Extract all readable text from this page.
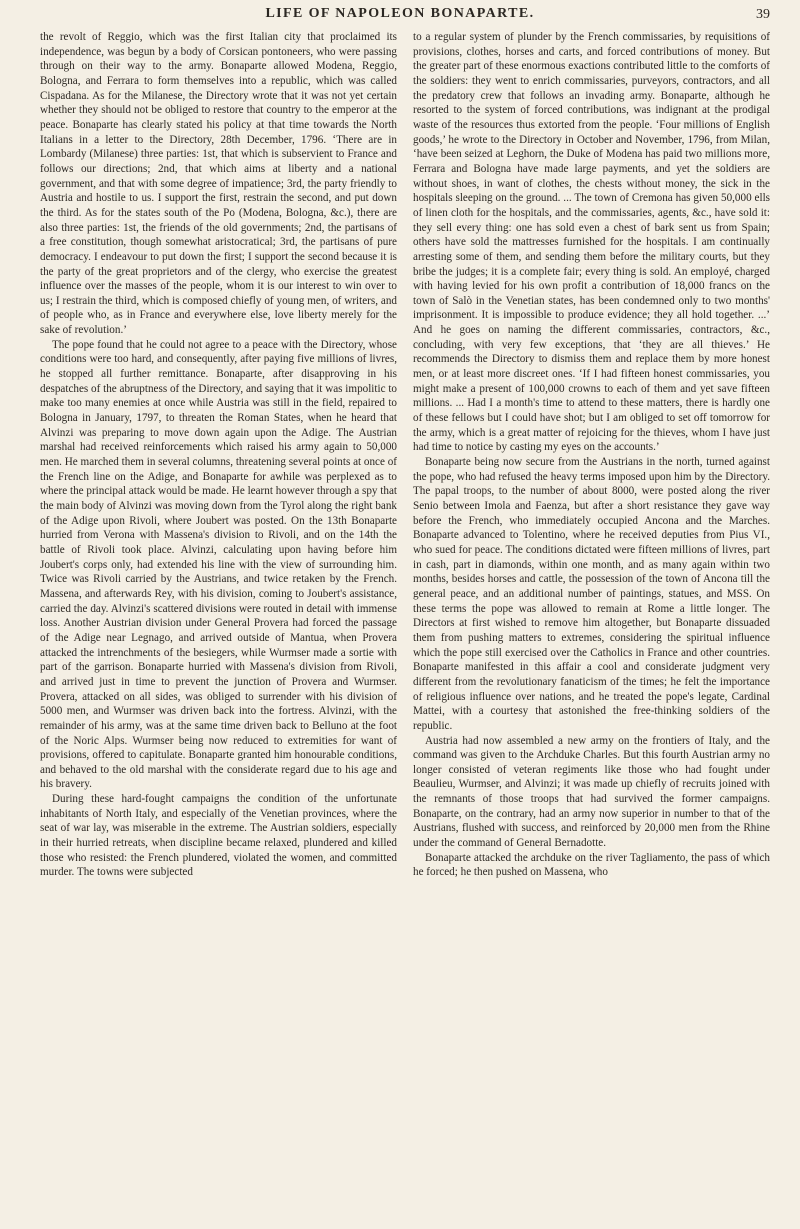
LIFE OF NAPOLEON BONAPARTE.	39

the revolt of Reggio, which was the first Italian city that proclaimed its independence, was begun by a body of Corsican pontoneers, who were passing through on their way to the army. Bonaparte allowed Modena, Reggio, Bologna, and Ferrara to form themselves into a republic, which was called Cispadana. As for the Milanese, the Directory wrote that it was not yet certain whether they should not be obliged to restore that country to the emperor at the peace. Bonaparte has clearly stated his policy at that time towards the North Italians in a letter to the Directory, 28th December, 1796. ‘There are in Lombardy (Milanese) three parties: 1st, that which is subservient to France and follows our directions; 2nd, that which aims at liberty and a national government, and that with some degree of impatience; 3rd, the party friendly to Austria and hostile to us. I support the first, restrain the second, and put down the third. As for the states south of the Po (Modena, Bologna, &c.), there are also three parties: 1st, the friends of the old governments; 2nd, the partisans of a free constitution, though somewhat aristocratical; 3rd, the partisans of pure democracy. I endeavour to put down the first; I support the second because it is the party of the great proprietors and of the clergy, who exercise the greatest influence over the masses of the people, whom it is our interest to win over to us; I restrain the third, which is composed chiefly of young men, of writers, and of people who, as in France and everywhere else, love liberty merely for the sake of revolution.’

The pope found that he could not agree to a peace with the Directory, whose conditions were too hard, and consequently, after paying five millions of livres, he stopped all further remittance. Bonaparte, after disapproving in his despatches of the abruptness of the Directory, and saying that it was impolitic to make too many enemies at once while Austria was still in the field, repaired to Bologna in January, 1797, to threaten the Roman States, when he heard that Alvinzi was preparing to move down again upon the Adige. The Austrian marshal had received reinforcements which raised his army again to 50,000 men. He marched them in several columns, threatening several points at once of the French line on the Adige, and Bonaparte for awhile was perplexed as to where the principal attack would be made. He learnt however through a spy that the main body of Alvinzi was moving down from the Tyrol along the right bank of the Adige upon Rivoli, where Joubert was posted. On the 13th Bonaparte hurried from Verona with Massena's division to Rivoli, and on the 14th the battle of Rivoli took place. Alvinzi, calculating upon having before him Joubert's corps only, had extended his line with the view of surrounding him. Twice was Rivoli carried by the Austrians, and twice retaken by the French. Massena, and afterwards Rey, with his division, coming to Joubert's assistance, carried the day. Alvinzi's scattered divisions were routed in detail with immense loss. Another Austrian division under General Provera had forced the passage of the Adige near Legnago, and arrived outside of Mantua, when Provera attacked the intrenchments of the besiegers, while Wurmser made a sortie with part of the garrison. Bonaparte hurried with Massena's division from Rivoli, and arrived just in time to prevent the junction of Provera and Wurmser. Provera, attacked on all sides, was obliged to surrender with his division of 5000 men, and Wurmser was driven back into the fortress. Alvinzi, with the remainder of his army, was at the same time driven back to Belluno at the foot of the Noric Alps. Wurmser being now reduced to extremities for want of provisions, offered to capitulate. Bonaparte granted him honourable conditions, and behaved to the old marshal with the considerate regard due to his age and his bravery.

During these hard-fought campaigns the condition of the unfortunate inhabitants of North Italy, and especially of the Venetian provinces, where the seat of war lay, was miserable in the extreme. The Austrian soldiers, especially in their hurried retreats, when discipline became relaxed, plundered and killed those who resisted: the French plundered, violated the women, and committed murder. The towns were subjected

to a regular system of plunder by the French commissaries, by requisitions of provisions, clothes, horses and carts, and forced contributions of money. But the greater part of these enormous exactions contributed little to the comforts of the soldiers: they went to enrich commissaries, purveyors, contractors, and all the predatory crew that follows an invading army. Bonaparte, although he resorted to the system of forced contributions, was indignant at the prodigal waste of the resources thus extorted from the people. ‘Four millions of English goods,’ he wrote to the Directory in October and November, 1796, from Milan, ‘have been seized at Leghorn, the Duke of Modena has paid two millions more, Ferrara and Bologna have made large payments, and yet the soldiers are without shoes, in want of clothes, the chests without money, the sick in the hospitals sleeping on the ground. ... The town of Cremona has given 50,000 ells of linen cloth for the hospitals, and the commissaries, agents, &c., have sold it: they sell every thing: one has sold even a chest of bark sent us from Spain; others have sold the mattresses furnished for the hospitals. I am continually arresting some of them, and sending them before the military courts, but they bribe the judges; it is a complete fair; every thing is sold. An employé, charged with having levied for his own profit a contribution of 18,000 francs on the town of Salò in the Venetian states, has been condemned only to two months' imprisonment. It is impossible to produce evidence; they all hold together. ...’ And he goes on naming the different commissaries, contractors, &c., concluding, with very few exceptions, that ‘they are all thieves.’ He recommends the Directory to dismiss them and replace them by more honest men, or at least more discreet ones. ‘If I had fifteen honest commissaries, you might make a present of 100,000 crowns to each of them and yet save fifteen millions. ... Had I a month's time to attend to these matters, there is hardly one of these fellows but I could have shot; but I am obliged to set off tomorrow for the army, which is a great matter of rejoicing for the thieves, whom I have just had time to notice by casting my eyes on the accounts.’

Bonaparte being now secure from the Austrians in the north, turned against the pope, who had refused the heavy terms imposed upon him by the Directory. The papal troops, to the number of about 8000, were posted along the river Senio between Imola and Faenza, but after a short resistance they gave way before the French, who immediately occupied Ancona and the Marches. Bonaparte advanced to Tolentino, where he received deputies from Pius VI., who sued for peace. The conditions dictated were fifteen millions of livres, part in cash, part in diamonds, within one month, and as many again within two months, besides horses and cattle, the possession of the town of Ancona till the general peace, and an additional number of paintings, statues, and MSS. On these terms the pope was allowed to remain at Rome a little longer. The Directors at first wished to remove him altogether, but Bonaparte dissuaded them from pushing matters to extremes, considering the spiritual influence which the pope still exercised over the Catholics in France and other countries. Bonaparte manifested in this affair a cool and considerate judgment very different from the revolutionary fanaticism of the times; he felt the importance of religious influence over nations, and he treated the pope's legate, Cardinal Mattei, with a courtesy that astonished the free-thinking soldiers of the republic.

Austria had now assembled a new army on the frontiers of Italy, and the command was given to the Archduke Charles. But this fourth Austrian army no longer consisted of veteran regiments like those who had fought under Beaulieu, Wurmser, and Alvinzi; it was made up chiefly of recruits joined with the remnants of those troops that had survived the former campaigns. Bonaparte, on the contrary, had an army now superior in number to that of the Austrians, flushed with success, and reinforced by 20,000 men from the Rhine under the command of General Bernadotte.

Bonaparte attacked the archduke on the river Tagliamento, the pass of which he forced; he then pushed on Massena, who
